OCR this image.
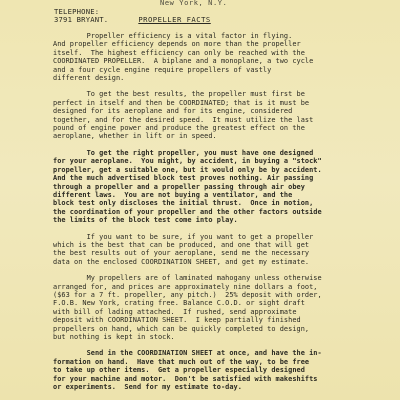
New York, N.Y.
TELEPHONE:
3791 BRYANT.	PROPELLER FACTS
Propeller efficiency is a vital factor in flying.
And propeller efficiency depends on more than the propeller
itself.  The highest efficiency can only be reached with the
COORDINATED PROPELLER.  A biplane and a monoplane, a two cycle
and a four cycle engine require propellers of vastly
different design.
To get the best results, the propeller must first be
perfect in itself and then be COORDINATED; that is it must be
designed for its aeroplane and for its engine, considered
together, and for the desired speed.  It must utilize the last
pound of engine power and produce the greatest effect on the
aeroplane, whether in lift or in speed.
To get the right propeller, you must have one designed
for your aeroplane.  You might, by accident, in buying a "stock"
propeller, get a suitable one, but it would only be by accident.
And the much advertised block test proves nothing. Air passing
through a propeller and a propeller passing through air obey
different laws.  You are not buying a ventilator, and the
block test only discloses the initial thrust.  Once in motion,
the coordination of your propeller and the other factors outside
the limits of the block test come into play.
If you want to be sure, if you want to get a propeller
which is the best that can be produced, and one that will get
the best results out of your aeroplane, send me the necessary
data on the enclosed COORDINATION SHEET, and get my estimate.
My propellers are of laminated mahogany unless otherwise
arranged for, and prices are approximately nine dollars a foot,
($63 for a 7 ft. propeller, any pitch.)  25% deposit with order,
F.O.B. New York, crating free. Balance C.O.D. or sight draft
with bill of lading attached.  If rushed, send approximate
deposit with COORDINATION SHEET.  I keep partially finished
propellers on hand, which can be quickly completed to design,
but nothing is kept in stock.
Send in the COORDINATION SHEET at once, and have the in-
formation on hand.  Have that much out of the way, to be free
to take up other items.  Get a propeller especially designed
for your machine and motor.  Don't be satisfied with makeshifts
or experiments.  Send for my estimate to-day.
